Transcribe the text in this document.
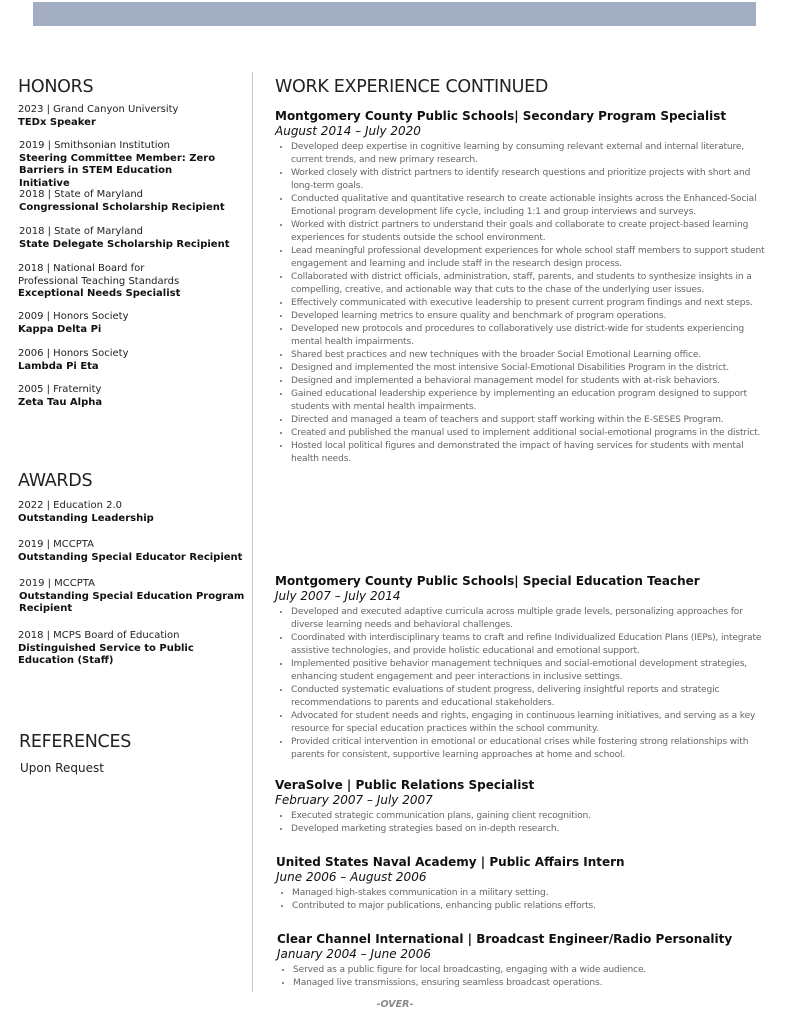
HONORS
2023 | Grand Canyon University
TEDx Speaker
2019 | Smithsonian Institution
Steering Committee Member: Zero Barriers in STEM Education Initiative
2018 | State of Maryland
Congressional Scholarship Recipient
2018 | State of Maryland
State Delegate Scholarship Recipient
2018 | National Board for Professional Teaching Standards
Exceptional Needs Specialist
2009 | Honors Society
Kappa Delta Pi
2006 | Honors Society
Lambda Pi Eta
2005 | Fraternity
Zeta Tau Alpha
AWARDS
2022 | Education 2.0
Outstanding Leadership
2019 | MCCPTA
Outstanding Special Educator Recipient
2019 | MCCPTA
Outstanding Special Education Program Recipient
2018 | MCPS Board of Education
Distinguished Service to Public Education (Staff)
REFERENCES
Upon Request
WORK EXPERIENCE CONTINUED
Montgomery County Public Schools| Secondary Program Specialist
August 2014 – July 2020
• Developed deep expertise in cognitive learning by consuming relevant external and internal literature, current trends, and new primary research.
• Worked closely with district partners to identify research questions and prioritize projects with short and long-term goals.
• Conducted qualitative and quantitative research to create actionable insights across the Enhanced-Social Emotional program development life cycle, including 1:1 and group interviews and surveys.
• Worked with district partners to understand their goals and collaborate to create project-based learning experiences for students outside the school environment.
• Lead meaningful professional development experiences for whole school staff members to support student engagement and learning and include staff in the research design process.
• Collaborated with district officials, administration, staff, parents, and students to synthesize insights in a compelling, creative, and actionable way that cuts to the chase of the underlying user issues.
• Effectively communicated with executive leadership to present current program findings and next steps.
• Developed learning metrics to ensure quality and benchmark of program operations.
• Developed new protocols and procedures to collaboratively use district-wide for students experiencing mental health impairments.
• Shared best practices and new techniques with the broader Social Emotional Learning office.
• Designed and implemented the most intensive Social-Emotional Disabilities Program in the district.
• Designed and implemented a behavioral management model for students with at-risk behaviors.
• Gained educational leadership experience by implementing an education program designed to support students with mental health impairments.
• Directed and managed a team of teachers and support staff working within the E-SESES Program.
• Created and published the manual used to implement additional social-emotional programs in the district.
• Hosted local political figures and demonstrated the impact of having services for students with mental health needs.
Montgomery County Public Schools| Special Education Teacher
July 2007 – July 2014
• Developed and executed adaptive curricula across multiple grade levels, personalizing approaches for diverse learning needs and behavioral challenges.
• Coordinated with interdisciplinary teams to craft and refine Individualized Education Plans (IEPs), integrate assistive technologies, and provide holistic educational and emotional support.
• Implemented positive behavior management techniques and social-emotional development strategies, enhancing student engagement and peer interactions in inclusive settings.
• Conducted systematic evaluations of student progress, delivering insightful reports and strategic recommendations to parents and educational stakeholders.
• Advocated for student needs and rights, engaging in continuous learning initiatives, and serving as a key resource for special education practices within the school community.
• Provided critical intervention in emotional or educational crises while fostering strong relationships with parents for consistent, supportive learning approaches at home and school.
VeraSolve | Public Relations Specialist
February 2007 – July 2007
• Executed strategic communication plans, gaining client recognition.
• Developed marketing strategies based on in-depth research.
United States Naval Academy | Public Affairs Intern
June 2006 – August 2006
• Managed high-stakes communication in a military setting.
• Contributed to major publications, enhancing public relations efforts.
Clear Channel International | Broadcast Engineer/Radio Personality
January 2004 – June 2006
• Served as a public figure for local broadcasting, engaging with a wide audience.
• Managed live transmissions, ensuring seamless broadcast operations.
-OVER-
